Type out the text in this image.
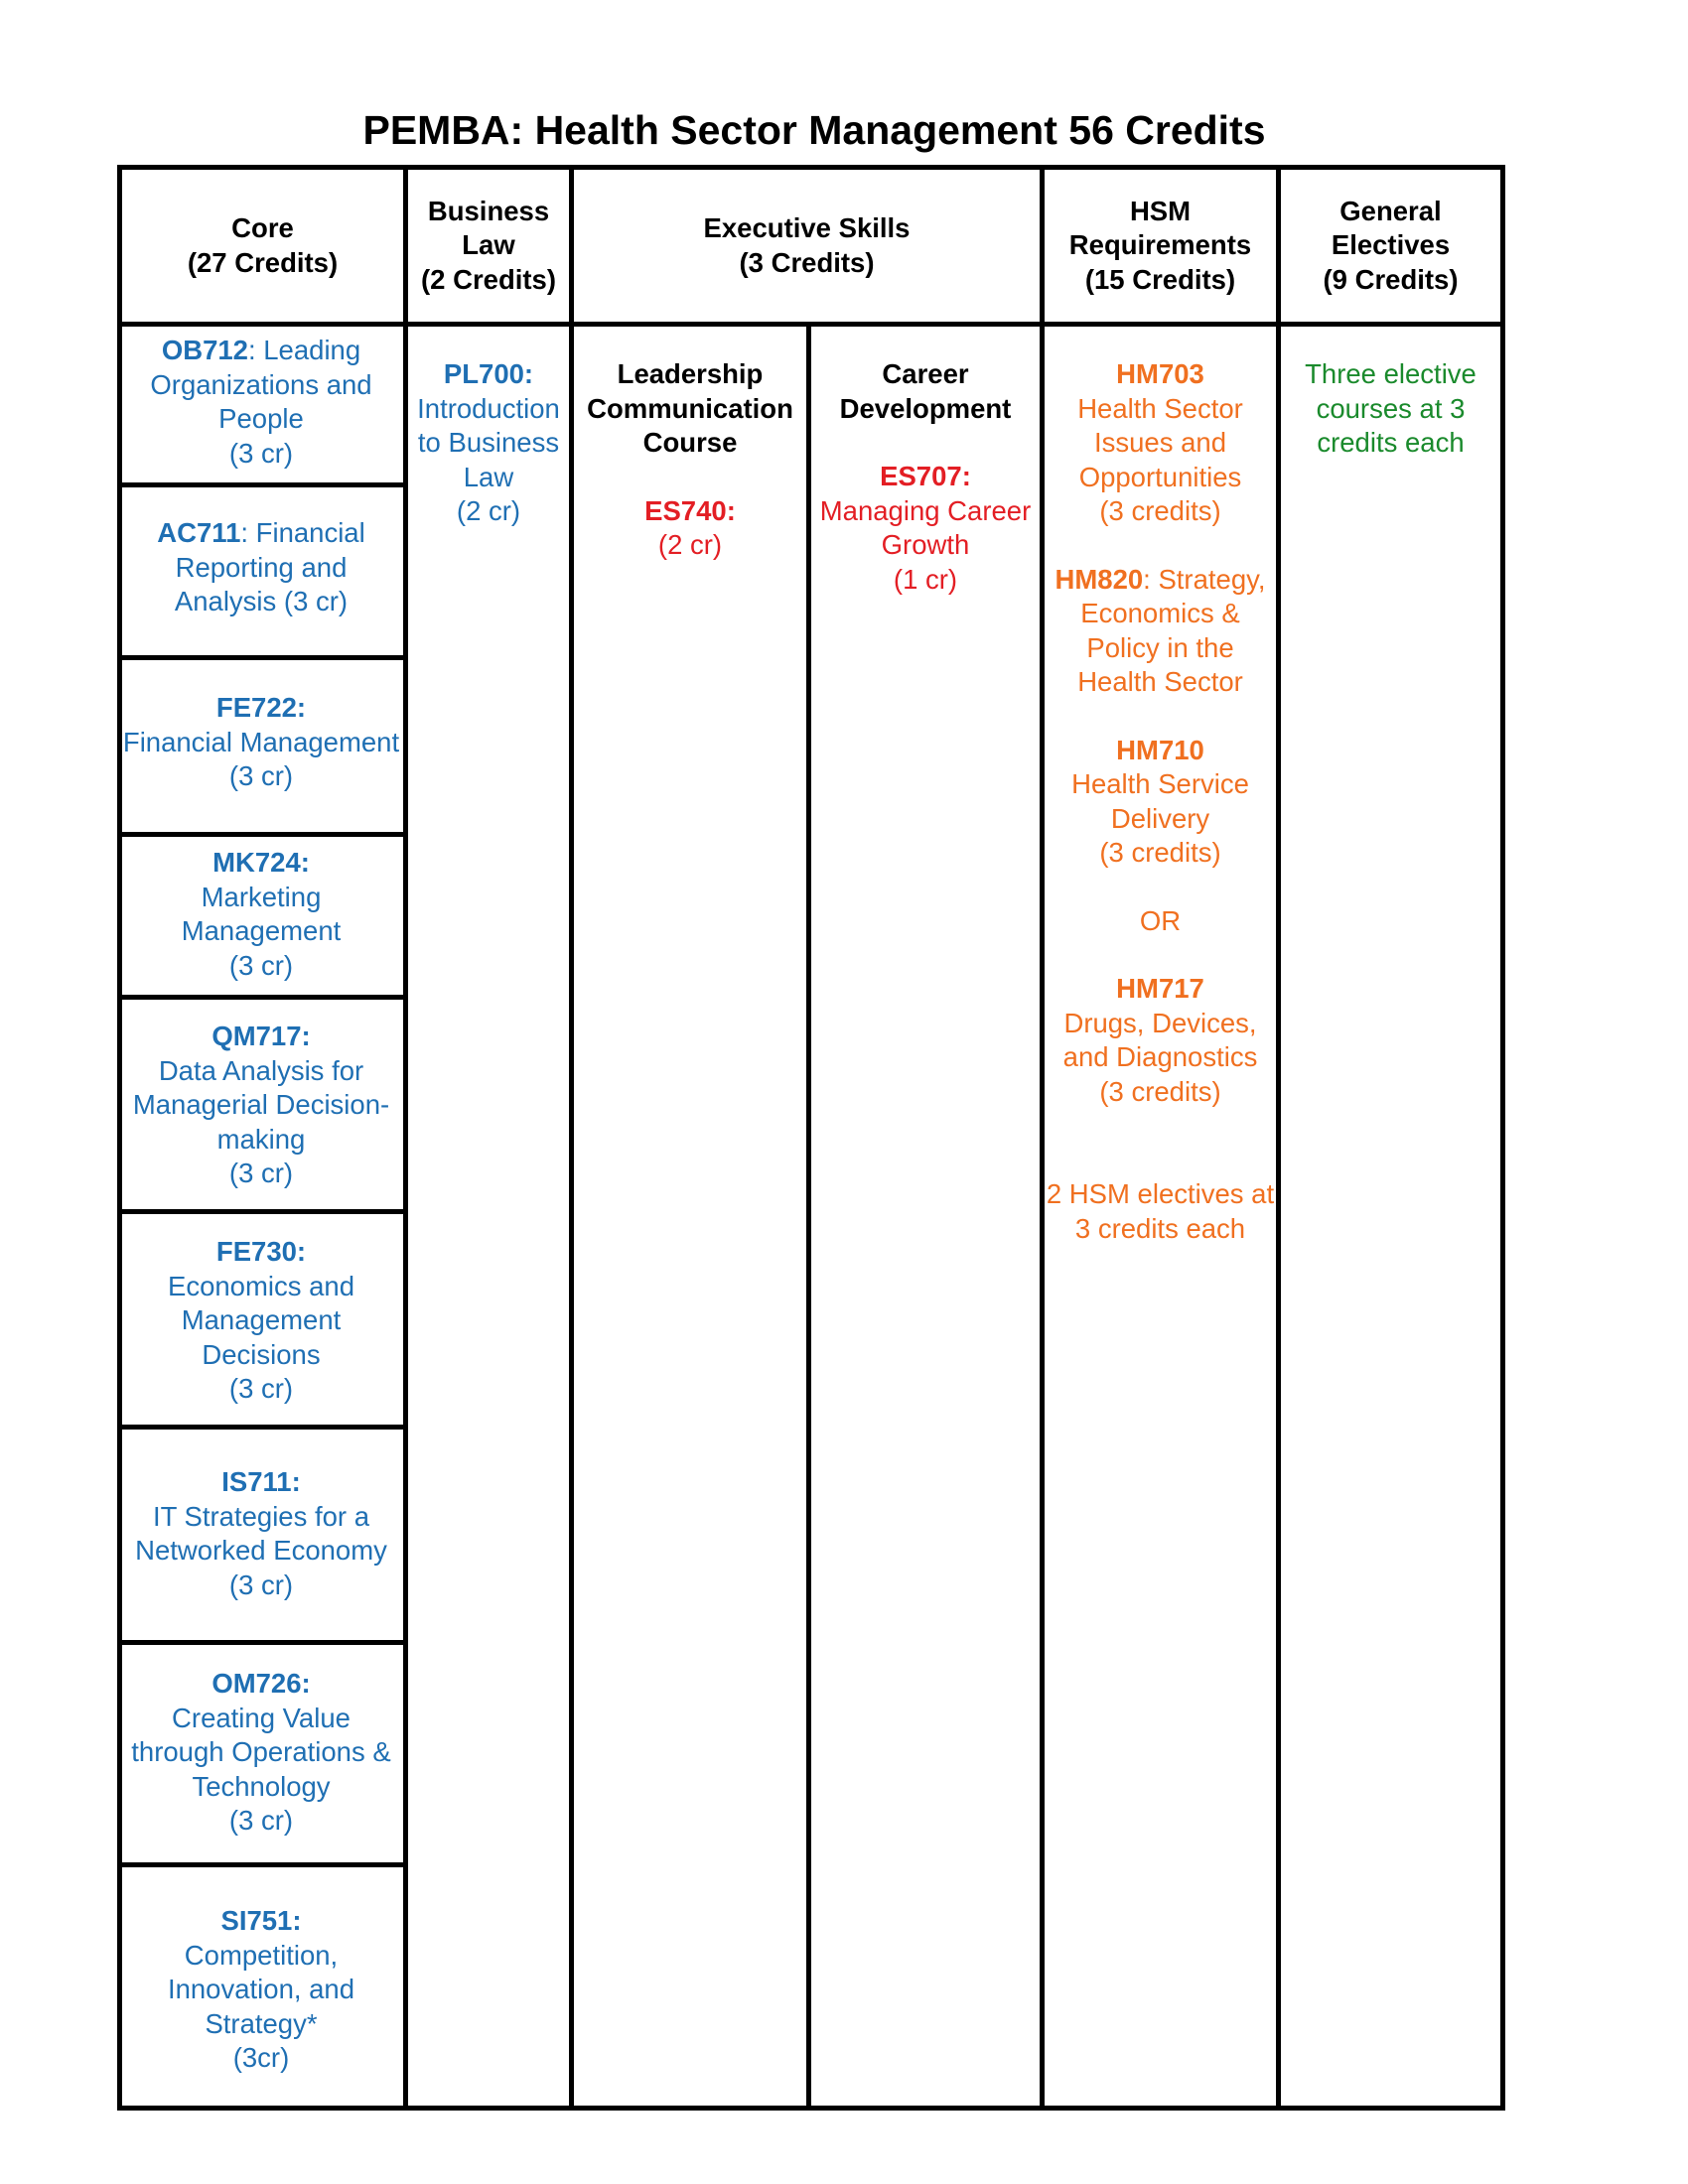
PEMBA: Health Sector Management 56 Credits
Core
(27 Credits)
Business
Law
(2 Credits)
Executive Skills
(3 Credits)
HSM
Requirements
(15 Credits)
General
Electives
(9 Credits)
OB712: Leading
Organizations and
People
(3 cr)
AC711: Financial
Reporting and
Analysis (3 cr)
FE722:
Financial Management
(3 cr)
MK724:
Marketing
Management
(3 cr)
QM717:
Data Analysis for
Managerial Decision-
making
(3 cr)
FE730:
Economics and
Management
Decisions
(3 cr)
IS711:
IT Strategies for a
Networked Economy
(3 cr)
OM726:
Creating Value
through Operations &
Technology
(3 cr)
SI751:
Competition,
Innovation, and
Strategy*
(3cr)
PL700:
Introduction
to Business
Law
(2 cr)
Leadership
Communication
Course
ES740:
(2 cr)
Career
Development
ES707:
Managing Career
Growth
(1 cr)
HM703
Health Sector
Issues and
Opportunities
(3 credits)
HM820: Strategy,
Economics &
Policy in the
Health Sector
HM710
Health Service
Delivery
(3 credits)
OR
HM717
Drugs, Devices,
and Diagnostics
(3 credits)
2 HSM electives at
3 credits each
Three elective
courses at 3
credits each
